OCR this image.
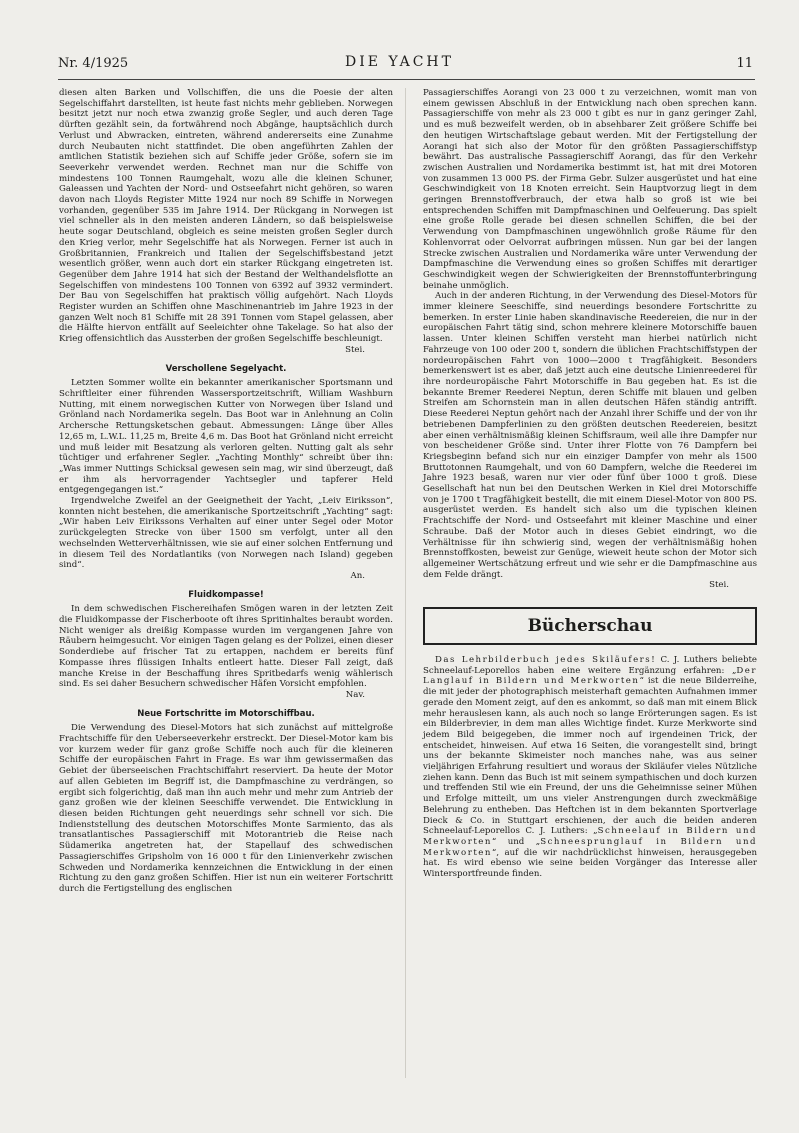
Nr. 4/1925	DIE YACHT	11

diesen alten Barken und Vollschiffen, die uns die Poesie der alten Segelschiffahrt darstellten, ist heute fast nichts mehr geblieben. Norwegen besitzt jetzt nur noch etwa zwanzig große Segler, und auch deren Tage dürften gezählt sein, da fortwährend noch Abgänge, hauptsächlich durch Verlust und Abwracken, eintreten, während andererseits eine Zunahme durch Neubauten nicht stattfindet. Die oben angeführten Zahlen der amtlichen Statistik beziehen sich auf Schiffe jeder Größe, sofern sie im Seeverkehr verwendet werden. Rechnet man nur die Schiffe von mindestens 100 Tonnen Raumgehalt, wozu alle die kleinen Schuner, Galeassen und Yachten der Nord- und Ostseefahrt nicht gehören, so waren davon nach Lloyds Register Mitte 1924 nur noch 89 Schiffe in Norwegen vorhanden, gegenüber 535 im Jahre 1914. Der Rückgang in Norwegen ist viel schneller als in den meisten anderen Ländern, so daß beispielsweise heute sogar Deutschland, obgleich es seine meisten großen Segler durch den Krieg verlor, mehr Segelschiffe hat als Norwegen. Ferner ist auch in Großbritannien, Frankreich und Italien der Segelschiffsbestand jetzt wesentlich größer, wenn auch dort ein starker Rückgang eingetreten ist. Gegenüber dem Jahre 1914 hat sich der Bestand der Welthandelsflotte an Segelschiffen von mindestens 100 Tonnen von 6392 auf 3932 vermindert. Der Bau von Segelschiffen hat praktisch völlig aufgehört. Nach Lloyds Register wurden an Schiffen ohne Maschinenantrieb im Jahre 1923 in der ganzen Welt noch 81 Schiffe mit 28 391 Tonnen vom Stapel gelassen, aber die Hälfte hiervon entfällt auf Seeleichter ohne Takelage. So hat also der Krieg offensichtlich das Aussterben der großen Segelschiffe beschleunigt.

Stei.
Verschollene Segelyacht.

Letzten Sommer wollte ein bekannter amerikanischer Sportsmann und Schriftleiter einer führenden Wassersportzeitschrift, William Washburn Nutting, mit einem norwegischen Kutter von Norwegen über Island und Grönland nach Nordamerika segeln. Das Boot war in Anlehnung an Colin Archersche Rettungsketschen gebaut. Abmessungen: Länge über Alles 12,65 m, L.W.L. 11,25 m, Breite 4,6 m. Das Boot hat Grönland nicht erreicht und muß leider mit Besatzung als verloren gelten. Nutting galt als sehr tüchtiger und erfahrener Segler. „Yachting Monthly“ schreibt über ihn: „Was immer Nuttings Schicksal gewesen sein mag, wir sind überzeugt, daß er ihm als hervorragender Yachtsegler und tapferer Held entgegengegangen ist.“

Irgendwelche Zweifel an der Geeignetheit der Yacht, „Leiv Eiriksson“, konnten nicht bestehen, die amerikanische Sportzeitschrift „Yachting“ sagt: „Wir haben Leiv Eirikssons Verhalten auf einer unter Segel oder Motor zurückgelegten Strecke von über 1500 sm verfolgt, unter all den wechselnden Wetterverhältnissen, wie sie auf einer solchen Entfernung und in diesem Teil des Nordatlantiks (von Norwegen nach Island) gegeben sind“.

An.
Fluidkompasse!

In dem schwedischen Fischereihafen Smögen waren in der letzten Zeit die Fluidkompasse der Fischerboote oft ihres Spritinhaltes beraubt worden. Nicht weniger als dreißig Kompasse wurden im vergangenen Jahre von Räubern heimgesucht. Vor einigen Tagen gelang es der Polizei, einen dieser Sonderdiebe auf frischer Tat zu ertappen, nachdem er bereits fünf Kompasse ihres flüssigen Inhalts entleert hatte. Dieser Fall zeigt, daß manche Kreise in der Beschaffung ihres Spritbedarfs wenig wählerisch sind. Es sei daher Besuchern schwedischer Häfen Vorsicht empfohlen.

Nav.
Neue Fortschritte im Motorschiffbau.

Die Verwendung des Diesel-Motors hat sich zunächst auf mittelgroße Frachtschiffe für den Ueberseeverkehr erstreckt. Der Diesel-Motor kam bis vor kurzem weder für ganz große Schiffe noch auch für die kleineren Schiffe der europäischen Fahrt in Frage. Es war ihm gewissermaßen das Gebiet der überseeischen Frachtschiffahrt reserviert. Da heute der Motor auf allen Gebieten im Begriff ist, die Dampfmaschine zu verdrängen, so ergibt sich folgerichtig, daß man ihn auch mehr und mehr zum Antrieb der ganz großen wie der kleinen Seeschiffe verwendet. Die Entwicklung in diesen beiden Richtungen geht neuerdings sehr schnell vor sich. Die Indienststellung des deutschen Motorschiffes Monte Sarmiento, das als transatlantisches Passagierschiff mit Motorantrieb die Reise nach Südamerika angetreten hat, der Stapellauf des schwedischen Passagierschiffes Gripsholm von 16 000 t für den Linienverkehr zwischen Schweden und Nordamerika kennzeichnen die Entwicklung in der einen Richtung zu den ganz großen Schiffen. Hier ist nun ein weiterer Fortschritt durch die Fertigstellung des englischen

Passagierschiffes Aorangi von 23 000 t zu verzeichnen, womit man von einem gewissen Abschluß in der Entwicklung nach oben sprechen kann. Passagierschiffe von mehr als 23 000 t gibt es nur in ganz geringer Zahl, und es muß bezweifelt werden, ob in absehbarer Zeit größere Schiffe bei den heutigen Wirtschaftslage gebaut werden. Mit der Fertigstellung der Aorangi hat sich also der Motor für den größten Passagierschiffstyp bewährt. Das australische Passagierschiff Aorangi, das für den Verkehr zwischen Australien und Nordamerika bestimmt ist, hat mit drei Motoren von zusammen 13 000 PS. der Firma Gebr. Sulzer ausgerüstet und hat eine Geschwindigkeit von 18 Knoten erreicht. Sein Hauptvorzug liegt in dem geringen Brennstoffverbrauch, der etwa halb so groß ist wie bei entsprechenden Schiffen mit Dampfmaschinen und Oelfeuerung. Das spielt eine große Rolle gerade bei diesen schnellen Schiffen, die bei der Verwendung von Dampfmaschinen ungewöhnlich große Räume für den Kohlenvorrat oder Oelvorrat aufbringen müssen. Nun gar bei der langen Strecke zwischen Australien und Nordamerika wäre unter Verwendung der Dampfmaschine die Verwendung eines so großen Schiffes mit derartiger Geschwindigkeit wegen der Schwierigkeiten der Brennstoffunterbringung beinahe unmöglich.

Auch in der anderen Richtung, in der Verwendung des Diesel-Motors für immer kleinere Seeschiffe, sind neuerdings besondere Fortschritte zu bemerken. In erster Linie haben skandinavische Reedereien, die nur in der europäischen Fahrt tätig sind, schon mehrere kleinere Motorschiffe bauen lassen. Unter kleinen Schiffen versteht man hierbei natürlich nicht Fahrzeuge von 100 oder 200 t, sondern die üblichen Frachtschiffstypen der nordeuropäischen Fahrt von 1000—2000 t Tragfähigkeit. Besonders bemerkenswert ist es aber, daß jetzt auch eine deutsche Linienreederei für ihre nordeuropäische Fahrt Motorschiffe in Bau gegeben hat. Es ist die bekannte Bremer Reederei Neptun, deren Schiffe mit blauen und gelben Streifen am Schornstein man in allen deutschen Häfen ständig antrifft. Diese Reederei Neptun gehört nach der Anzahl ihrer Schiffe und der von ihr betriebenen Dampferlinien zu den größten deutschen Reedereien, besitzt aber einen verhältnismäßig kleinen Schiffsraum, weil alle ihre Dampfer nur von bescheidener Größe sind. Unter ihrer Flotte von 76 Dampfern bei Kriegsbeginn befand sich nur ein einziger Dampfer von mehr als 1500 Bruttotonnen Raumgehalt, und von 60 Dampfern, welche die Reederei im Jahre 1923 besaß, waren nur vier oder fünf über 1000 t groß. Diese Gesellschaft hat nun bei den Deutschen Werken in Kiel drei Motorschiffe von je 1700 t Tragfähigkeit bestellt, die mit einem Diesel-Motor von 800 PS. ausgerüstet werden. Es handelt sich also um die typischen kleinen Frachtschiffe der Nord- und Ostseefahrt mit kleiner Maschine und einer Schraube. Daß der Motor auch in dieses Gebiet eindringt, wo die Verhältnisse für ihn schwierig sind, wegen der verhältnismäßig hohen Brennstoffkosten, beweist zur Genüge, wieweit heute schon der Motor sich allgemeiner Wertschätzung erfreut und wie sehr er die Dampfmaschine aus dem Felde drängt.

Stei.
Bücherschau

Das Lehrbilderbuch jedes Skiläufers! C. J. Luthers beliebte Schneelauf-Leporellos haben eine weitere Ergänzung erfahren: „Der Langlauf in Bildern und Merkworten“ ist die neue Bilderreihe, die mit jeder der photographisch meisterhaft gemachten Aufnahmen immer gerade den Moment zeigt, auf den es ankommt, so daß man mit einem Blick mehr herauslesen kann, als auch noch so lange Erörterungen sagen. Es ist ein Bilderbrevier, in dem man alles Wichtige findet. Kurze Merkworte sind jedem Bild beigegeben, die immer noch auf irgendeinen Trick, der entscheidet, hinweisen. Auf etwa 16 Seiten, die vorangestellt sind, bringt uns der bekannte Skimeister noch manches nahe, was aus seiner vieljährigen Erfahrung resultiert und woraus der Skiläufer vieles Nützliche ziehen kann. Denn das Buch ist mit seinem sympathischen und doch kurzen und treffenden Stil wie ein Freund, der uns die Geheimnisse seiner Mühen und Erfolge mitteilt, um uns vieler Anstrengungen durch zweckmäßige Belehrung zu entheben. Das Heftchen ist in dem bekannten Sportverlage Dieck & Co. in Stuttgart erschienen, der auch die beiden anderen Schneelauf-Leporellos C. J. Luthers: „Schneelauf in Bildern und Merkworten“ und „Schneesprunglauf in Bildern und Merkworten“, auf die wir nachdrücklichst hinweisen, herausgegeben hat. Es wird ebenso wie seine beiden Vorgänger das Interesse aller Wintersportfreunde finden.
